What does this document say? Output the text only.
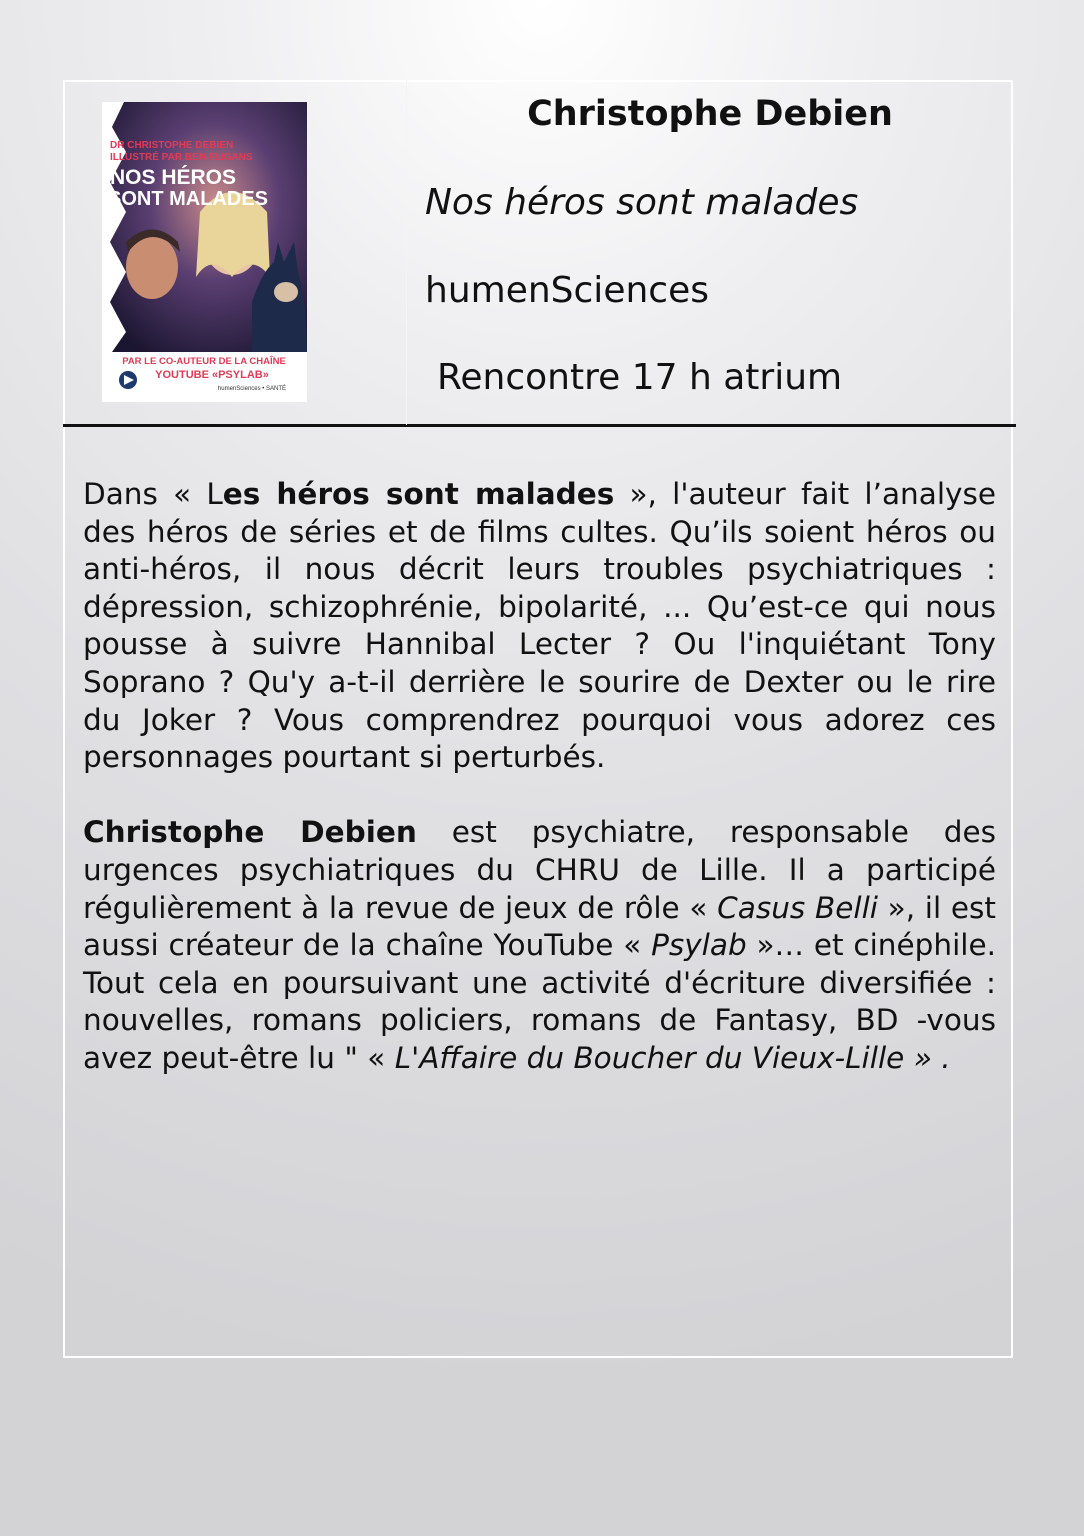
DR CHRISTOPHE DEBIEN
ILLUSTRÉ PAR BEN FLIGANS
NOS HÉROS
SONT MALADES
PAR LE CO-AUTEUR DE LA CHAÎNE
YOUTUBE «PSYLAB»
humenSciences • SANTÉ
Christophe Debien
Nos héros sont malades
humenSciences
Rencontre 17 h atrium

Dans « Les héros sont malades », l'auteur fait l’analyse des héros de séries et de films cultes. Qu’ils soient héros ou anti-héros, il nous décrit leurs troubles psychiatriques : dépression, schizophrénie, bipolarité, ... Qu’est-ce qui nous pousse à suivre Hannibal Lecter ? Ou l'inquiétant Tony Soprano ? Qu'y a-t-il derrière le sourire de Dexter ou le rire du Joker ? Vous comprendrez pourquoi vous adorez ces personnages pourtant si perturbés.

Christophe Debien est psychiatre, responsable des urgences psychiatriques du CHRU de Lille. Il a participé régulièrement à la revue de jeux de rôle « Casus Belli », il est aussi créateur de la chaîne YouTube « Psylab »… et cinéphile. Tout cela en poursuivant une activité d'écriture diversifiée : nouvelles, romans policiers, romans de Fantasy, BD -vous avez peut-être lu " « L'Affaire du Boucher du Vieux-Lille » .
